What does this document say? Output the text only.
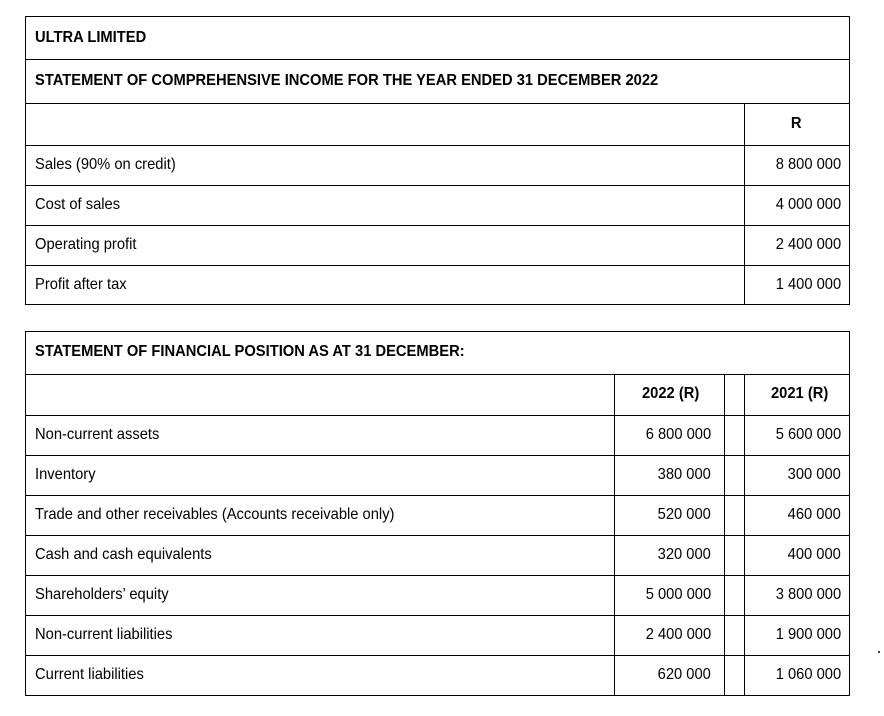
ULTRA LIMITED
STATEMENT OF COMPREHENSIVE INCOME FOR THE YEAR ENDED 31 DECEMBER 2022
R
Sales (90% on credit)	8 800 000
Cost of sales	4 000 000
Operating profit	2 400 000
Profit after tax	1 400 000
STATEMENT OF FINANCIAL POSITION AS AT 31 DECEMBER:
2022 (R)	2021 (R)
Non-current assets	6 800 000	5 600 000
Inventory	380 000	300 000
Trade and other receivables (Accounts receivable only)	520 000	460 000
Cash and cash equivalents	320 000	400 000
Shareholders’ equity	5 000 000	3 800 000
Non-current liabilities	2 400 000	1 900 000
Current liabilities	620 000	1 060 000
